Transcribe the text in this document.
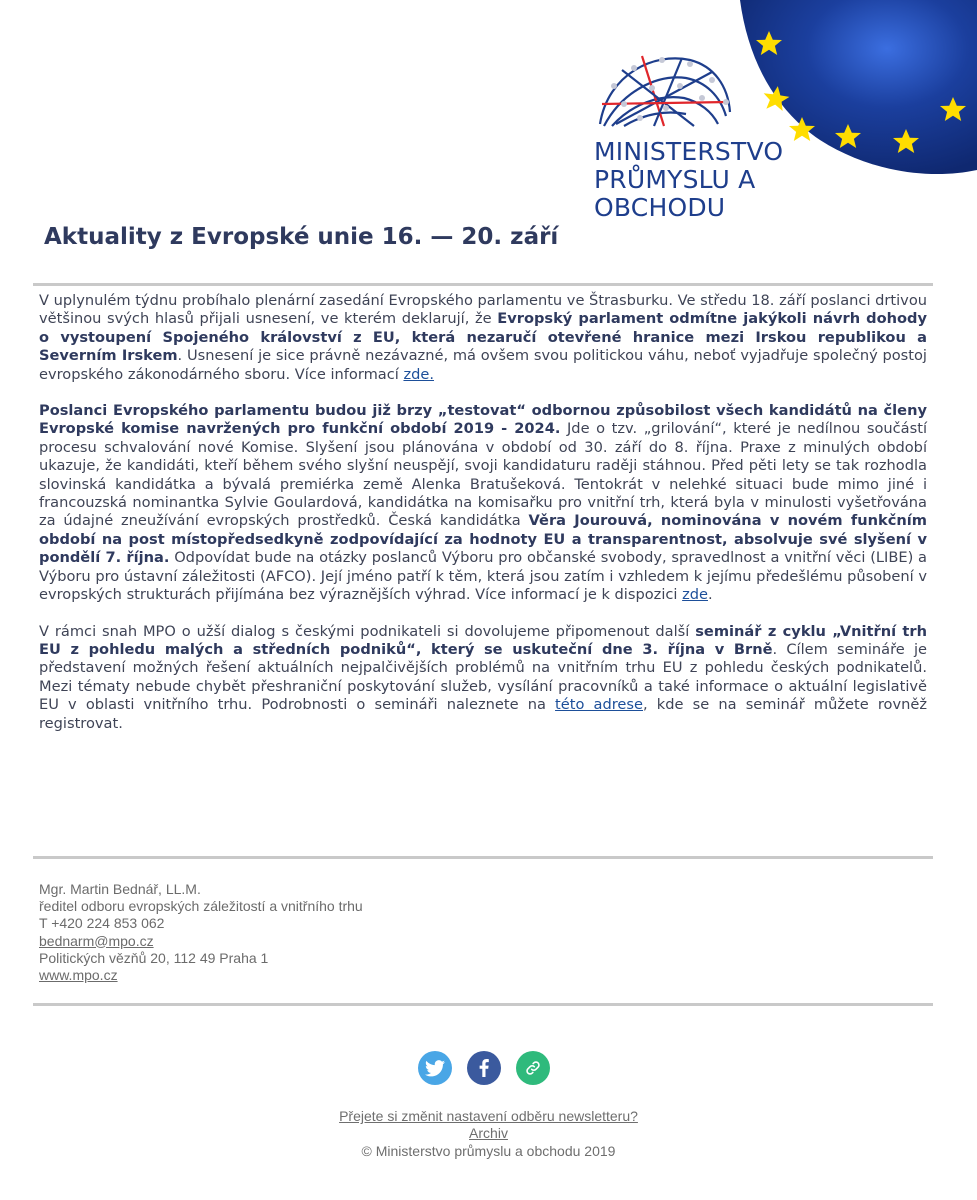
MINISTERSTVO
PRŮMYSLU A OBCHODU
Aktuality z Evropské unie 16. — 20. září

V uplynulém týdnu probíhalo plenární zasedání Evropského parlamentu ve Štrasburku. Ve středu 18. září poslanci drtivou většinou svých hlasů přijali usnesení, ve kterém deklarují, že Evropský parlament odmítne jakýkoli návrh dohody o vystoupení Spojeného království z EU, která nezaručí otevřené hranice mezi Irskou republikou a Severním Irskem. Usnesení je sice právně nezávazné, má ovšem svou politickou váhu, neboť vyjadřuje společný postoj evropského zákonodárného sboru. Více informací zde.

Poslanci Evropského parlamentu budou již brzy „testovat“ odbornou způsobilost všech kandidátů na členy Evropské komise navržených pro funkční období 2019 - 2024. Jde o tzv. „grilování“, které je nedílnou součástí procesu schvalování nové Komise. Slyšení jsou plánována v období od 30. září do 8. října. Praxe z minulých období ukazuje, že kandidáti, kteří během svého slyšní neuspějí, svoji kandidaturu raději stáhnou. Před pěti lety se tak rozhodla slovinská kandidátka a bývalá premiérka země Alenka Bratušeková. Tentokrát v nelehké situaci bude mimo jiné i francouzská nominantka Sylvie Goulardová, kandidátka na komisařku pro vnitřní trh, která byla v minulosti vyšetřována za údajné zneužívání evropských prostředků. Česká kandidátka Věra Jourouvá, nominována v novém funkčním období na post místopředsedkyně zodpovídající za hodnoty EU a transparentnost, absolvuje své slyšení v pondělí 7. října. Odpovídat bude na otázky poslanců Výboru pro občanské svobody, spravedlnost a vnitřní věci (LIBE) a Výboru pro ústavní záležitosti (AFCO). Její jméno patří k těm, která jsou zatím i vzhledem k jejímu předešlému působení v evropských strukturách přijímána bez výraznějších výhrad. Více informací je k dispozici zde.

V rámci snah MPO o užší dialog s českými podnikateli si dovolujeme připomenout další seminář z cyklu „Vnitřní trh EU z pohledu malých a středních podniků“, který se uskuteční dne 3. října v Brně. Cílem semináře je představení možných řešení aktuálních nejpalčivějších problémů na vnitřním trhu EU z pohledu českých podnikatelů. Mezi tématy nebude chybět přeshraniční poskytování služeb, vysílání pracovníků a také informace o aktuální legislativě EU v oblasti vnitřního trhu. Podrobnosti o semináři naleznete na této adrese, kde se na seminář můžete rovněž registrovat.

Mgr. Martin Bednář, LL.M.
ředitel odboru evropských záležitostí a vnitřního trhu
T +420 224 853 062
bednarm@mpo.cz
Politických vězňů 20, 112 49 Praha 1
www.mpo.cz
Přejete si změnit nastavení odběru newsletteru?
Archiv
© Ministerstvo průmyslu a obchodu 2019
